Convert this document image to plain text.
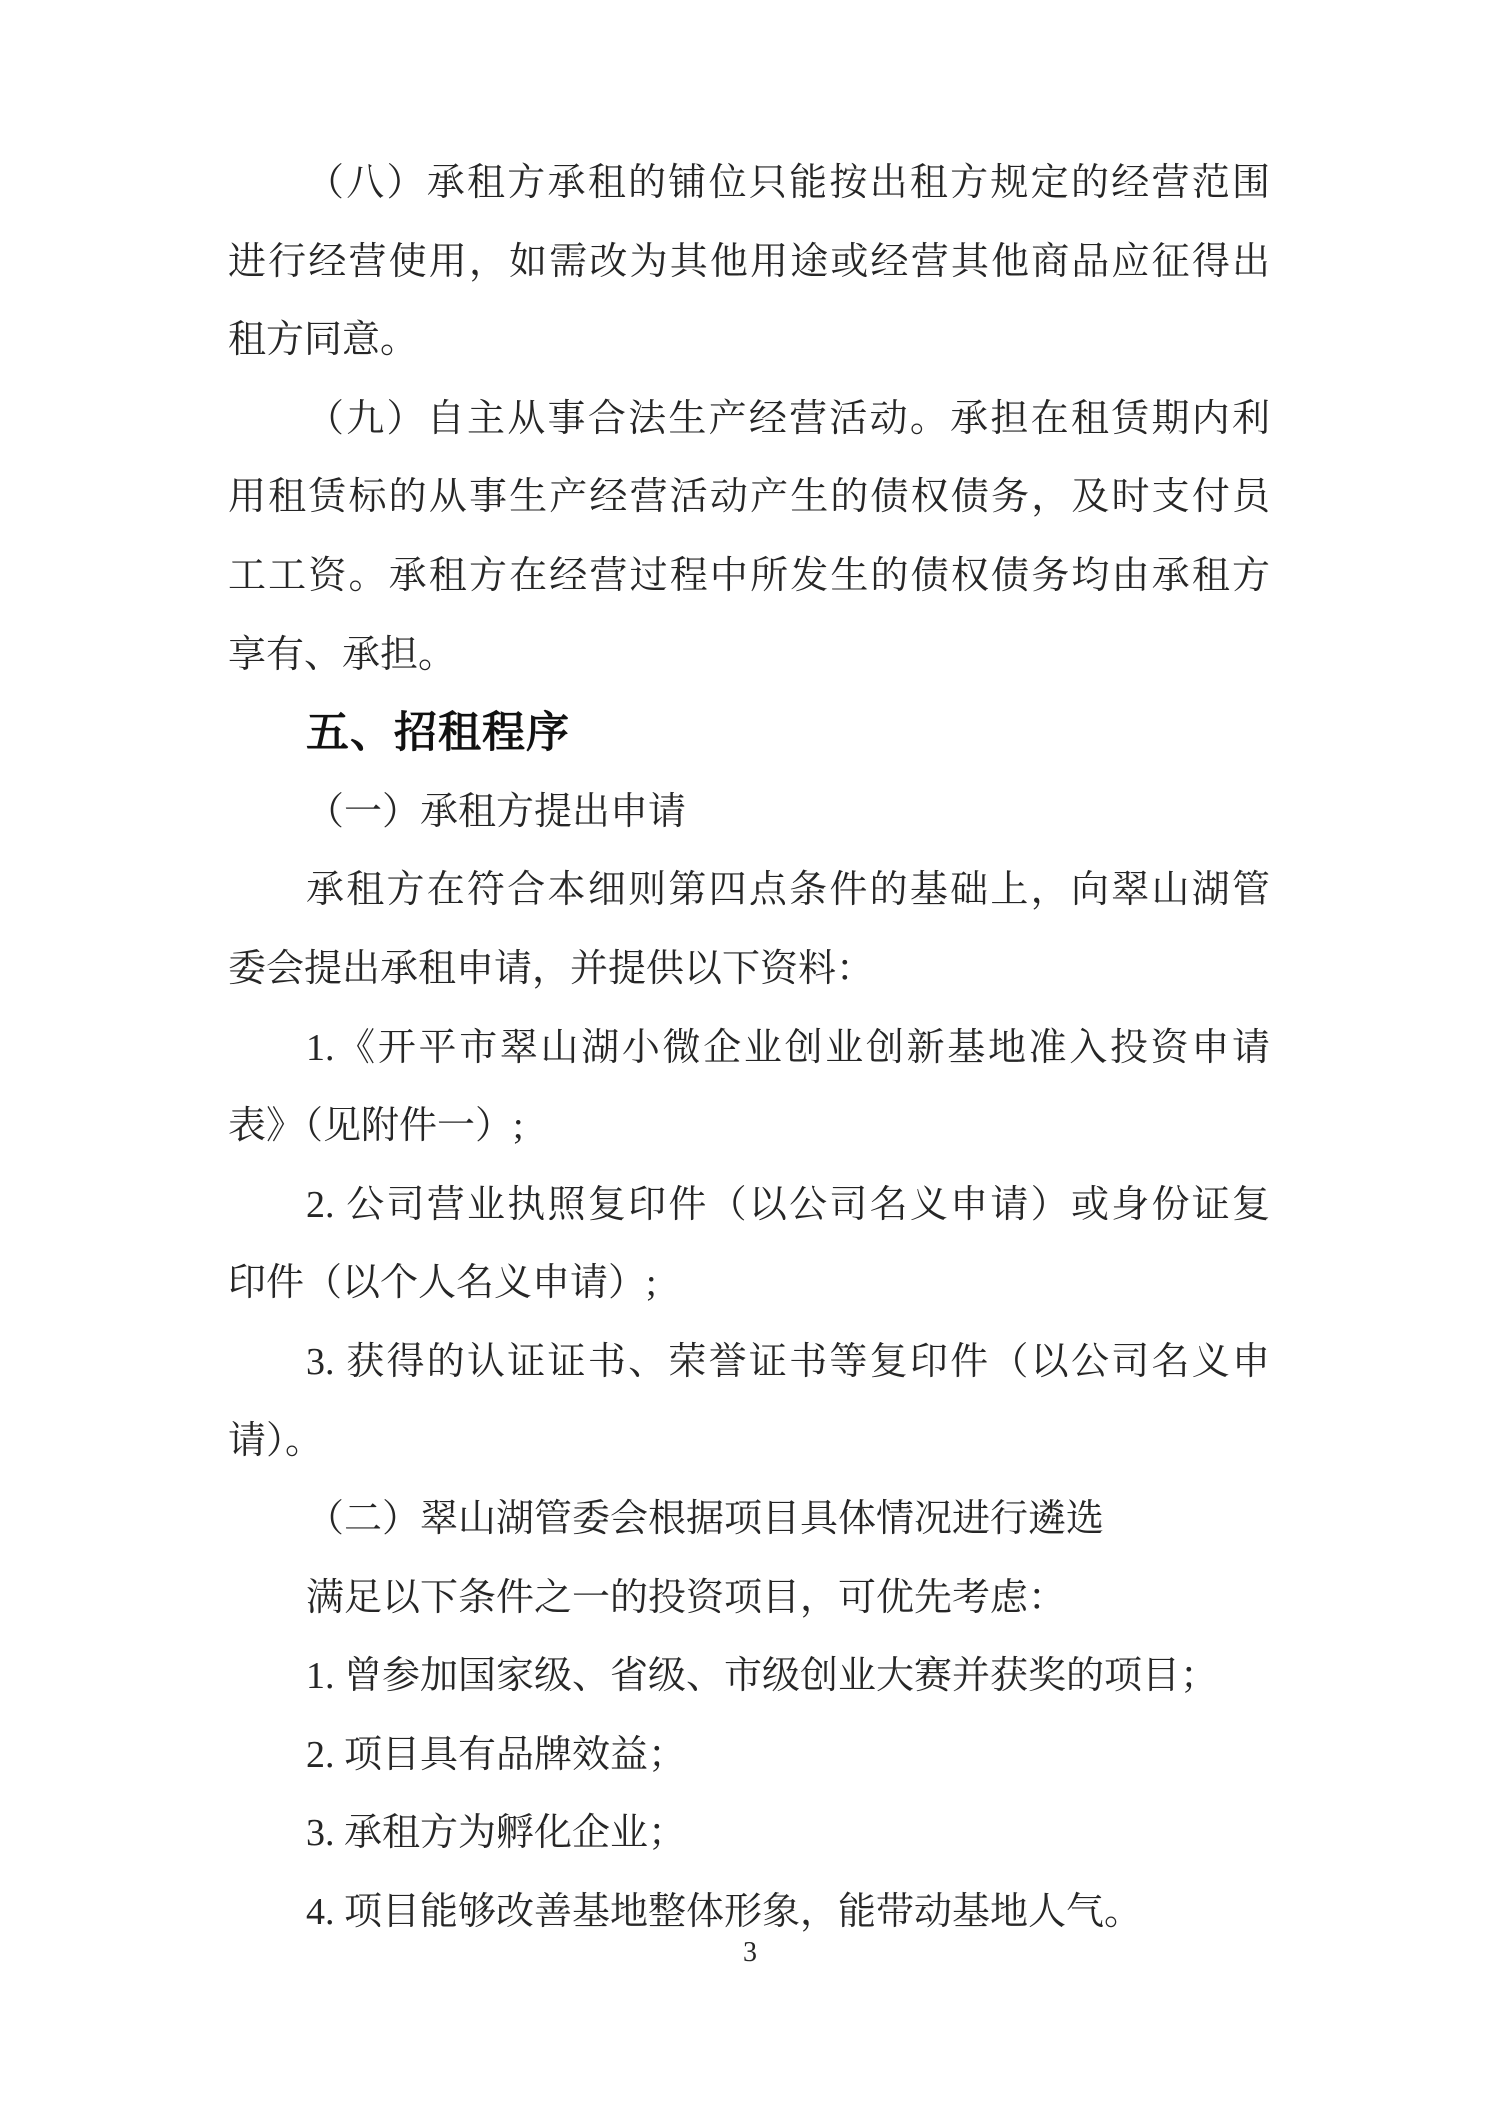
（八）承租方承租的铺位只能按出租方规定的经营范围

进行经营使用，如需改为其他用途或经营其他商品应征得出

租方同意。

（九）自主从事合法生产经营活动。承担在租赁期内利

用租赁标的从事生产经营活动产生的债权债务，及时支付员

工工资。承租方在经营过程中所发生的债权债务均由承租方

享有、承担。

五、招租程序

（一）承租方提出申请

承租方在符合本细则第四点条件的基础上，向翠山湖管

委会提出承租申请，并提供以下资料：

1.《开平市翠山湖小微企业创业创新基地准入投资申请

表》（见附件一）;

2. 公司营业执照复印件（以公司名义申请）或身份证复

印件（以个人名义申请）;

3. 获得的认证证书、荣誉证书等复印件（以公司名义申

请）。

（二）翠山湖管委会根据项目具体情况进行遴选

满足以下条件之一的投资项目，可优先考虑：

1. 曾参加国家级、省级、市级创业大赛并获奖的项目；

2. 项目具有品牌效益；

3. 承租方为孵化企业；

4. 项目能够改善基地整体形象，能带动基地人气。

3
